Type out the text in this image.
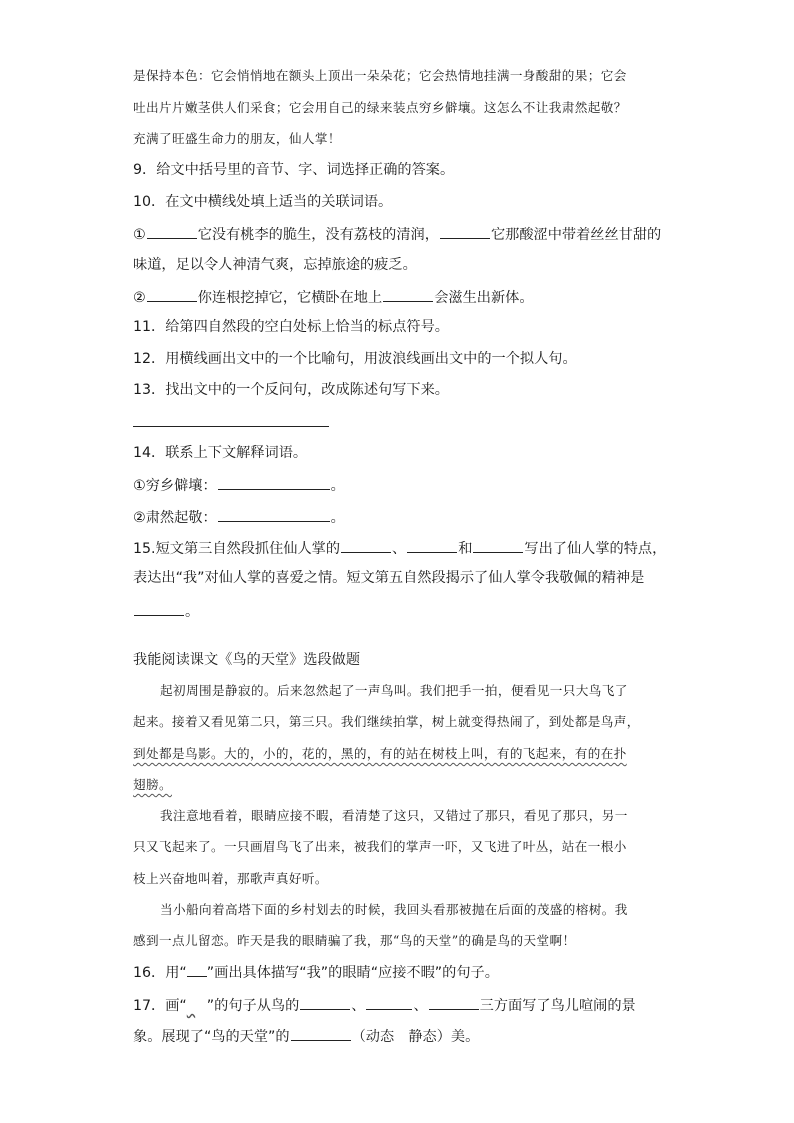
是保持本色：它会悄悄地在额头上顶出一朵朵花；它会热情地挂满一身酸甜的果；它会
吐出片片嫩茎供人们采食；它会用自己的绿来装点穷乡僻壤。这怎么不让我肃然起敬？
充满了旺盛生命力的朋友，仙人掌！
9．给文中括号里的音节、字、词选择正确的答案。
10．在文中横线处填上适当的关联词语。
①	它没有桃李的脆生，没有荔枝的清润，	它那酸涩中带着丝丝甘甜的
味道，足以令人神清气爽，忘掉旅途的疲乏。
②	你连根挖掉它，它横卧在地上	会滋生出新体。
11．给第四自然段的空白处标上恰当的标点符号。
12．用横线画出文中的一个比喻句，用波浪线画出文中的一个拟人句。
13．找出文中的一个反问句，改成陈述句写下来。
14．联系上下文解释词语。
①穷乡僻壤：	。
②肃然起敬：	。
15.短文第三自然段抓住仙人掌的	、	和	写出了仙人掌的特点，
表达出“我”对仙人掌的喜爱之情。短文第五自然段揭示了仙人掌令我敬佩的精神是
。
我能阅读课文《鸟的天堂》选段做题
起初周围是静寂的。后来忽然起了一声鸟叫。我们把手一拍，便看见一只大鸟飞了
起来。接着又看见第二只，第三只。我们继续拍掌，树上就变得热闹了，到处都是鸟声，
到处都是鸟影。大的，小的，花的，黑的，有的站在树枝上叫，有的飞起来，有的在扑
翅膀。
我注意地看着，眼睛应接不暇，看清楚了这只，又错过了那只，看见了那只，另一
只又飞起来了。一只画眉鸟飞了出来，被我们的掌声一吓，又飞进了叶丛，站在一根小
枝上兴奋地叫着，那歌声真好听。
当小船向着高塔下面的乡村划去的时候，我回头看那被抛在后面的茂盛的榕树。我
感到一点儿留恋。昨天是我的眼睛骗了我，那“鸟的天堂”的确是鸟的天堂啊！
16．用“ ”画出具体描写“我”的眼睛“应接不暇”的句子。
17．画“ ”的句子从鸟的	、	、	三方面写了鸟儿喧闹的景
象。展现了“鸟的天堂”的	（动态　静态）美。
